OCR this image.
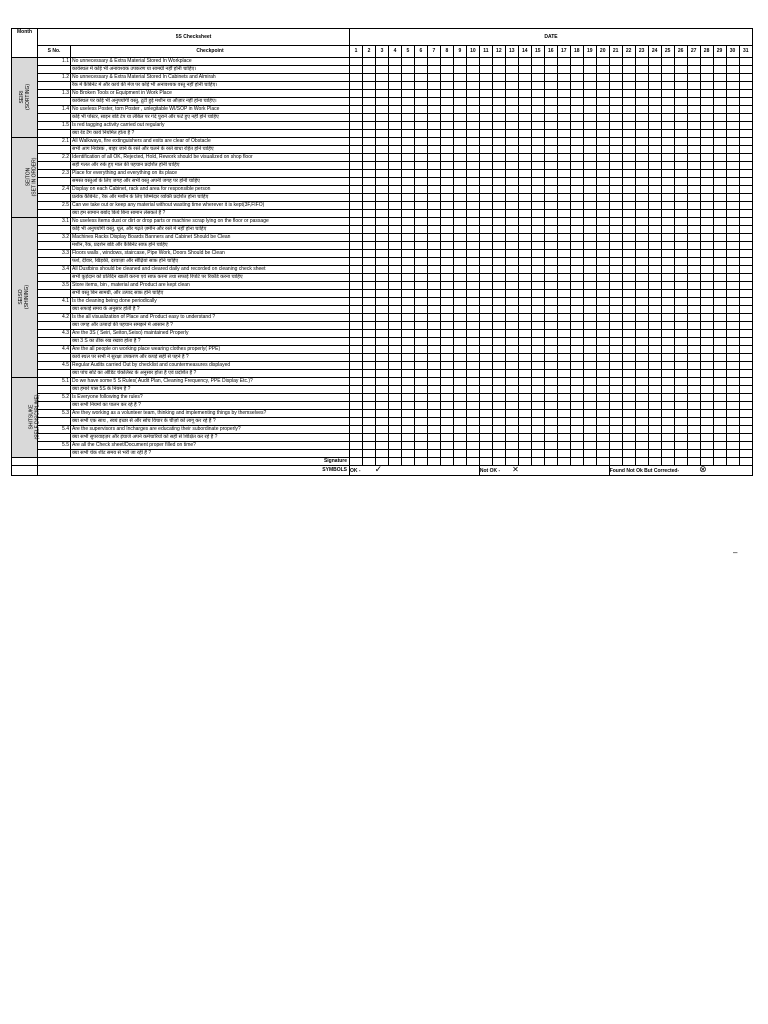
Month	5S Checksheet		DATE																														
	S No.	Checkpoint	1	2	3	4	5	6	7	8	9	10	11	12	13	14	15	16	17	18	19	20	21	22	23	24	25	26	27	28	29	30	31
SEIRI
(SORTING)	1.1	No unnecessary & Extra Material Stored In Workplace																															
		कार्यस्थल में कोई भी अनावश्यक उपकरण या सामग्री नहीं होनी चाहिए।																															
	1.2	No unnecessary & Extra Material Stored In Cabinets and Almirah																															
		रैक में कैबिनेट में और कार्य की मेज पर कोई भी अनावश्यक वस्तु नहीं होनी चाहिए।																															
	1.3	No Broken Tools or Equipment in Work Place																															
		कार्यस्थल पर कोई भी अनुपयोगी वस्तु, टूटी हुई मशीन या औज़ार नहीं होना चाहिए।																															
	1.4	No useless Poster, torn Poster , unlegitable WI/SOP in Work Place																															
		कोई भी पोस्टर, साइन बोर्ड टेप या लेबिल पर गंदे पुराने और फटे हुए नहीं होने चाहिए																															
	1.5	Is red tagging activity carried out regularly																															
		क्या रेड टैग कार्य नियमित होता है ?																															
SEITON
(SET IN ORDER)	2.1	All Walkways, fire extinguishers and exits are clear of Obstacle																															
		सभी आग नियंत्रक , बाहर जाने के रस्ते और चलने के रस्ते बाधा रहित होने चाहिए																															
	2.2	Identification of all OK, Rejected, Hold, Rework should be visualized on shop floor																															
		सही गलत और रुके हुए माल की पहचान प्रदर्शित होनी चाहिए																															
	2.3	Place for everything and everything on its place																															
		समस्त वस्तुओं के लिए जगह और सभी वस्तु अपनी जगह पर होनी चाहिए																															
	2.4	Display on each Cabinet, rack and area for responsible person																															
		प्रत्येक कैबिनेट , रैक और मशीन के लिए जिम्मेदार व्यक्ति प्रदर्शित होना चाहिए																															
	2.5	Can we take out or keep any material without wasting time wherever it is kept(3F,FIFO)																															
		क्या हम सामान बर्बाद किये बिना सामान लेसकते हैं ?																															
SEISO
(SHINING)	3.1	No useless items dust or dirt or drop parts or machine scrap lying on the floor or passage																															
		कोई भी अनुपयोगी वस्तु, धूल, और गढ़ते ज़मीन और रस्ते में नहीं होना चाहिए																															
	3.2	Machines Racks Display Boards Banners and Cabinet Should be Clean																															
		मशीन, रैक, प्रदर्शन बोर्ड और कैबिनेट साफ़ होने चाहिए																															
	3.3	Floors walls , windows, staircase, Pipe Work, Doors Should be Clean																															
		फर्श, दीवार, खिड़की, दरवाज़ा और सीढ़ियां साफ़ होने चाहिए																															
	3.4	All Dustbins should be cleaned and cleared daily and recorded on cleaning check sheet																															
		सभी कूड़ेदान को प्रतिदिन खाली करना एवं साफ़ करना तथा सफाई रिपोर्ट पर रिकॉर्ड करना चाहिए																															
	3.5	Store items, bin , material and Product are kept clean																															
		सभी वस्तु बिन सामग्री, और उत्पाद साफ़ होने चाहिए																															
	4.1	Is the cleaning being done periodically																															
		क्या सफाई समय के अनुसार होती है ?																															
	4.2	Is the all visualization of Place and Product easy to understand ?																															
		क्या जगह और उत्पादों की पहचान समझने में आसान है ?																															
	4.3	Are the 3S ( Seiri, Seiton,Seiso) maintained Properly																															
		क्या 3 S का ठीक रख रखाव होता है ?																															
	4.4	Are the all people on working place wearing clothes properly( PPE)																															
		कार्य स्थल पर सभी ने सुरक्षा उपकरण और कपड़े सही से पहने हैं ?																															
	4.5	Regular Audits carried Out by checklist and countermeasures displayed																															
		क्या पांच सोर्ट का ऑडिट चेकलिस्ट के अनुसार होता है एवं प्रदर्शित हैं ?																															
SHITSUKE
(SELF DISCIPLINE)	5.1	Do we have some 5 S Rules( Audit Plan, Cleaning Frequency, PPE Display Etc.)?																															
		क्या हमारे पास 5S के नियम हैं ?																															
	5.2	Is Everyone following the rules?																															
		क्या सभी नियमों का पालन कर रहे हैं ?																															
	5.3	Are they working as a volunteer team, thinking and implementing things by themselves?																															
		क्या सभी एक साथ , स्वयं इच्छा से और सोच विचार के चीज़ों को लागू कर रहे हैं ?																															
	5.4	Are the supervisors and Incharges are educating their subordinate properly?																															
		क्या सभी सुपरवाइज़र और इंचार्ज अपने कर्मचारियों को सही से शिक्षित कर रहे हैं ?																															
	5.5	Are all the Check sheet/Document proper filled on time?																															
		क्या सभी चेक शीट समय से भरी जा रही हैं ?																															
	Signature																																
	SYMBOLS		OK - ✓										Not OK - ✕										Found Not Ok But Corrected- ⊗										
–
